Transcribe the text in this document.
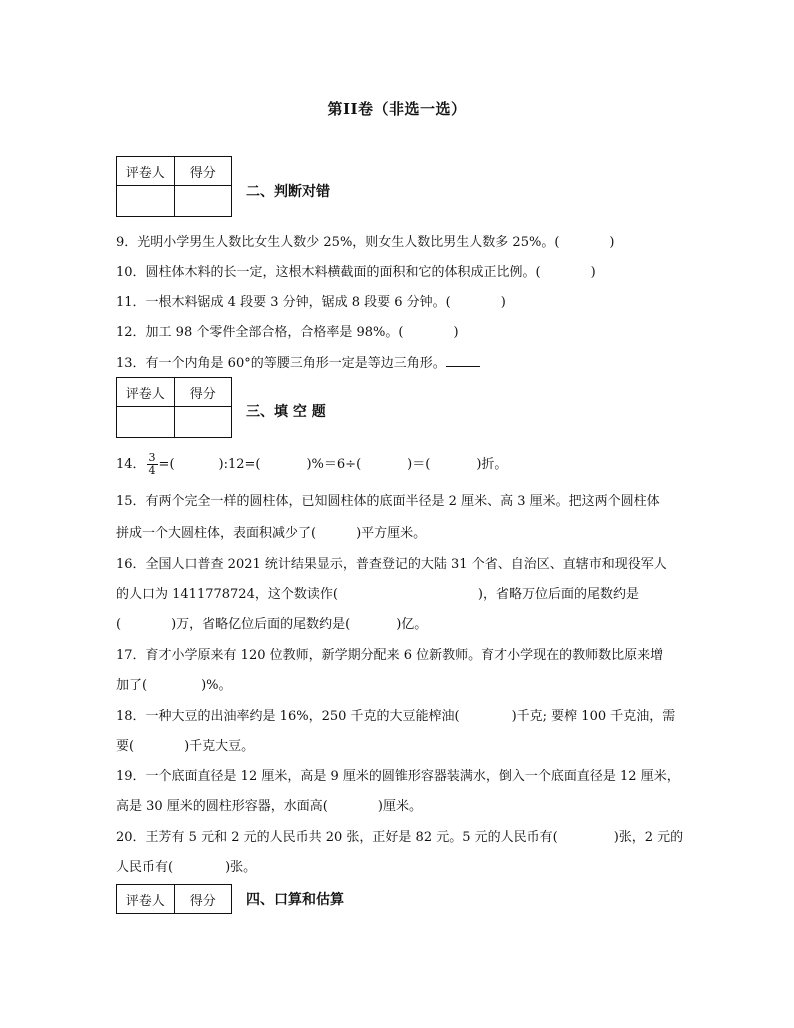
第II卷（非选一选）
评卷人	得分

二、判断对错
9．光明小学男生人数比女生人数少 25%，则女生人数比男生人数多 25%。(	)
10．圆柱体木料的长一定，这根木料横截面的面积和它的体积成正比例。(	)
11．一根木料锯成 4 段要 3 分钟，锯成 8 段要 6 分钟。(	)
12．加工 98 个零件全部合格，合格率是 98%。(	)
13．有一个内角是 60°的等腰三角形一定是等边三角形。
评卷人	得分

三、填 空 题
14． $\frac{3}{4}$ =(	):12=(	)%＝6÷(	)＝(	)折。
15．有两个完全一样的圆柱体，已知圆柱体的底面半径是 2 厘米、高 3 厘米。把这两个圆柱体
拼成一个大圆柱体，表面积减少了(	)平方厘米。
16．全国人口普查 2021 统计结果显示，普查登记的大陆 31 个省、自治区、直辖市和现役军人
的人口为 1411778724，这个数读作(	)，省略万位后面的尾数约是
(	)万，省略亿位后面的尾数约是(	)亿。
17．育才小学原来有 120 位教师，新学期分配来 6 位新教师。育才小学现在的教师数比原来增
加了(	)%。
18．一种大豆的出油率约是 16%，250 千克的大豆能榨油(	)千克; 要榨 100 千克油，需
要(	)千克大豆。
19．一个底面直径是 12 厘米，高是 9 厘米的圆锥形容器装满水，倒入一个底面直径是 12 厘米，
高是 30 厘米的圆柱形容器，水面高(	)厘米。
20．王芳有 5 元和 2 元的人民币共 20 张，正好是 82 元。5 元的人民币有(	)张，2 元的
人民币有(	)张。
评卷人	得分 四、口算和估算
